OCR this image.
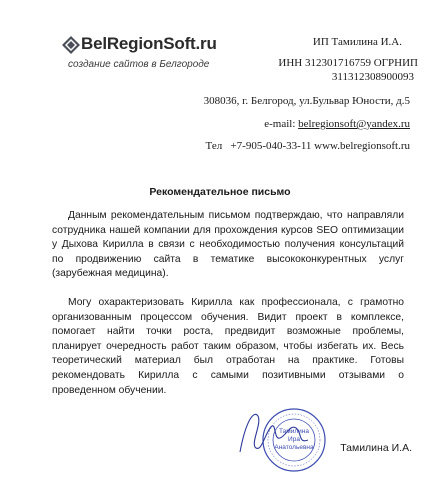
BelRegionSoft.ru
создание сайтов в Белгороде
ИП Тамилина И.А.
ИНН 312301716759 ОГРНИП
311312308900093
308036, г. Белгород, ул.Бульвар Юности, д.5
e-mail: belregionsoft@yandex.ru
Тел +7-905-040-33-11 www.belregionsoft.ru
Рекомендательное письмо
Данным рекомендательным письмом подтверждаю, что направляли сотрудника нашей компании для прохождения курсов SEO оптимизации у Дыхова Кирилла в связи с необходимостью получения консультаций по продвижению сайта в тематике высококонкурентных услуг (зарубежная медицина).
Могу охарактеризовать Кирилла как профессионала, с грамотно организованным процессом обучения. Видит проект в комплексе, помогает найти точки роста, предвидит возможные проблемы, планирует очередность работ таким образом, чтобы избегать их. Весь теоретический материал был отработан на практике. Готовы рекомендовать Кирилла с самыми позитивными отзывами о проведенном обучении.
Тамилина
Ира
Анатольевна	Тамилина И.А.
